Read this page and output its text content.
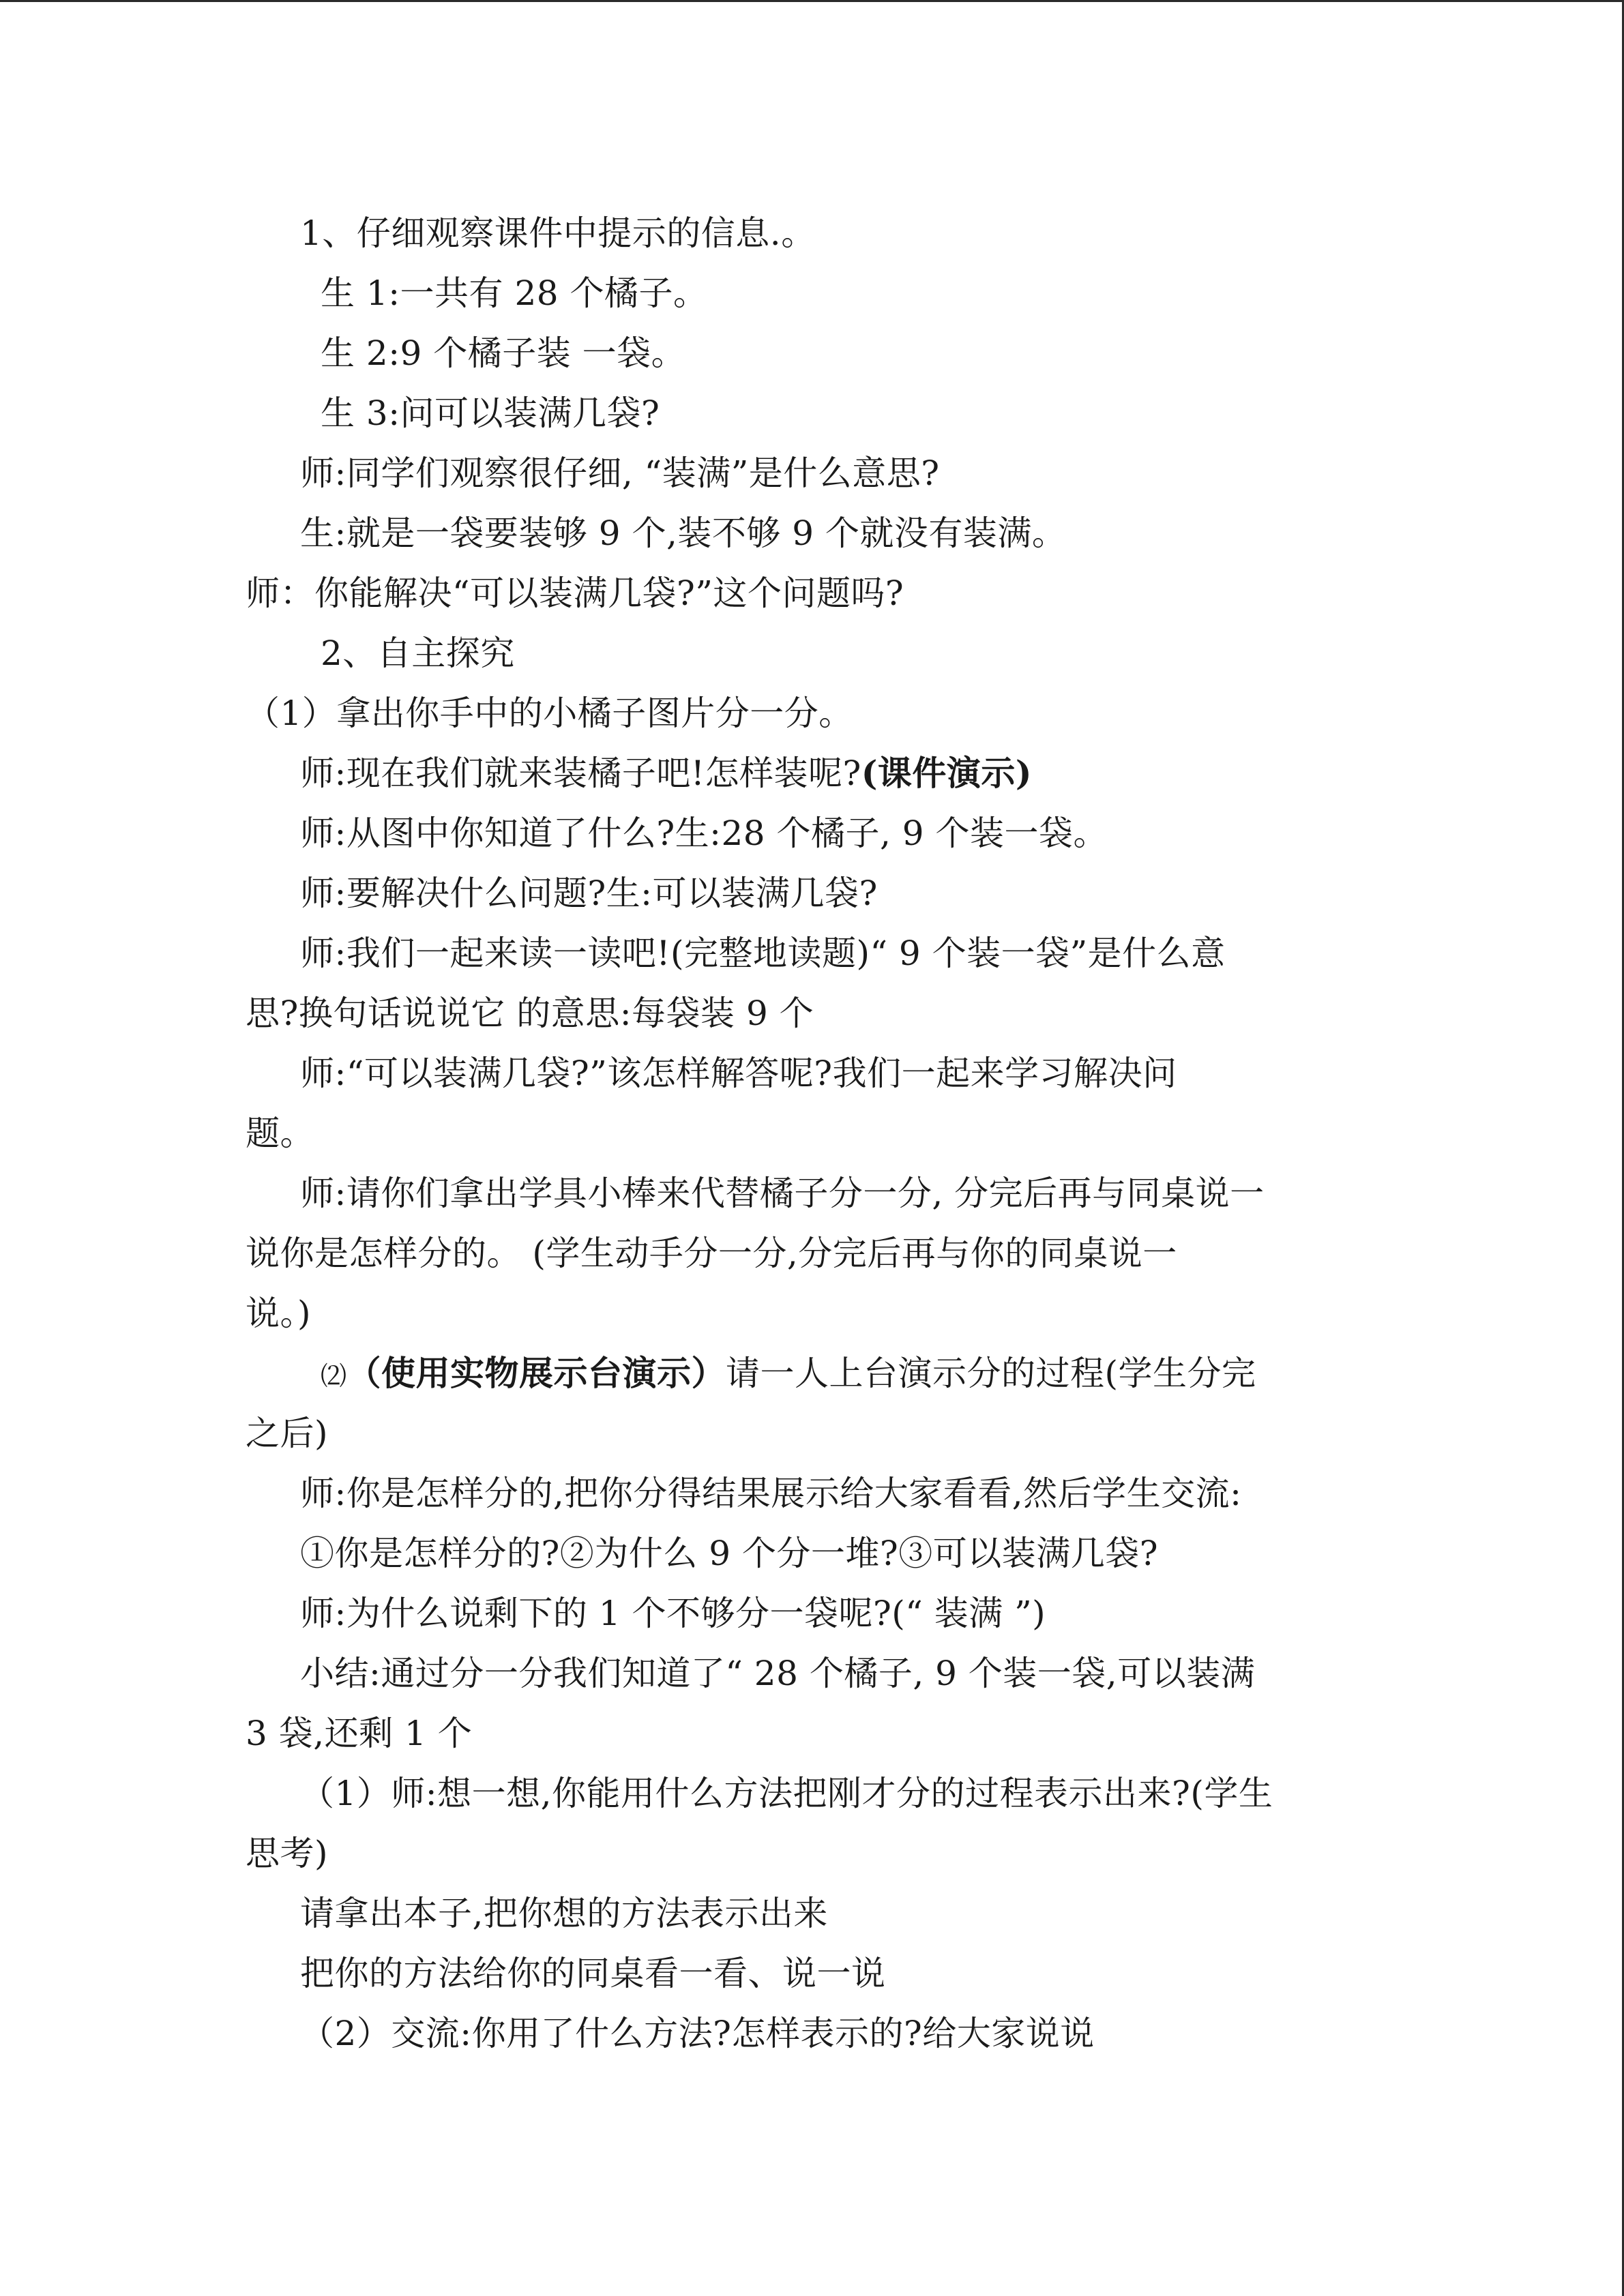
1、仔细观察课件中提示的信息.。
生 1:一共有 28 个橘子。
生 2:9 个橘子装 一袋。
生 3:问可以装满几袋?
师:同学们观察很仔细, “装满”是什么意思?
生:就是一袋要装够 9 个,装不够 9 个就没有装满。
师：你能解决“可以装满几袋?”这个问题吗?
2、自主探究
（1）拿出你手中的小橘子图片分一分。
师:现在我们就来装橘子吧!怎样装呢?(课件演示)
师:从图中你知道了什么?生:28 个橘子, 9 个装一袋。
师:要解决什么问题?生:可以装满几袋?
师:我们一起来读一读吧!(完整地读题)“ 9 个装一袋”是什么意
思?换句话说说它 的意思:每袋装 9 个
师:“可以装满几袋?”该怎样解答呢?我们一起来学习解决问
题。
师:请你们拿出学具小棒来代替橘子分一分, 分完后再与同桌说一
说你是怎样分的。 (学生动手分一分,分完后再与你的同桌说一
说。)
⑵（使用实物展示台演示）请一人上台演示分的过程(学生分完
之后)
师:你是怎样分的,把你分得结果展示给大家看看,然后学生交流:
①你是怎样分的?②为什么 9 个分一堆?③可以装满几袋?
师:为什么说剩下的 1 个不够分一袋呢?(“ 装满 ”)
小结:通过分一分我们知道了“ 28 个橘子, 9 个装一袋,可以装满
3 袋,还剩 1 个
（1）师:想一想,你能用什么方法把刚才分的过程表示出来?(学生
思考)
请拿出本子,把你想的方法表示出来
把你的方法给你的同桌看一看、说一说
（2）交流:你用了什么方法?怎样表示的?给大家说说
